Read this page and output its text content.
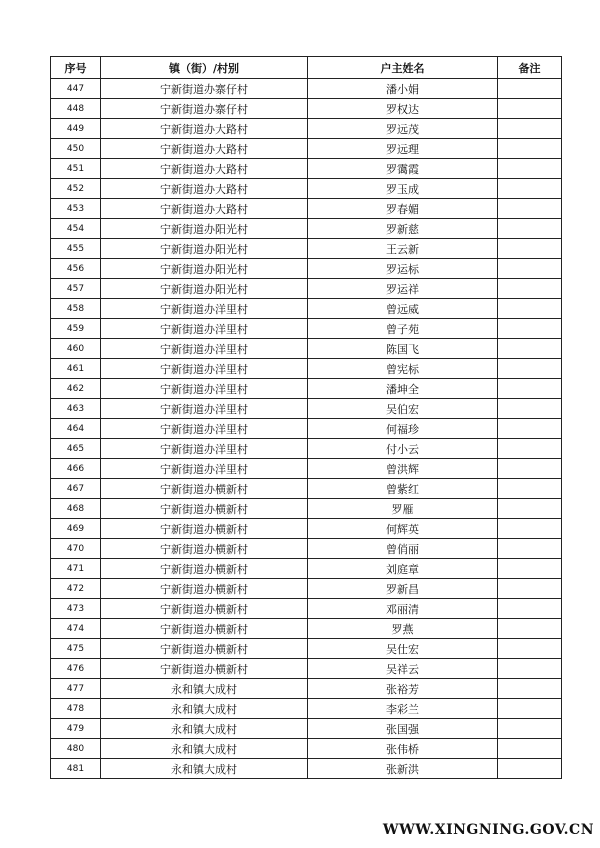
序号	镇（街）/村别	户主姓名	备注
447	宁新街道办寨仔村	潘小娟	
448	宁新街道办寨仔村	罗权达	
449	宁新街道办大路村	罗远茂	
450	宁新街道办大路村	罗远理	
451	宁新街道办大路村	罗霭霞	
452	宁新街道办大路村	罗玉成	
453	宁新街道办大路村	罗春媚	
454	宁新街道办阳光村	罗新慈	
455	宁新街道办阳光村	王云新	
456	宁新街道办阳光村	罗运标	
457	宁新街道办阳光村	罗运祥	
458	宁新街道办洋里村	曾远威	
459	宁新街道办洋里村	曾子苑	
460	宁新街道办洋里村	陈国飞	
461	宁新街道办洋里村	曾宪标	
462	宁新街道办洋里村	潘坤全	
463	宁新街道办洋里村	吴伯宏	
464	宁新街道办洋里村	何福珍	
465	宁新街道办洋里村	付小云	
466	宁新街道办洋里村	曾洪辉	
467	宁新街道办横新村	曾紫红	
468	宁新街道办横新村	罗雁	
469	宁新街道办横新村	何辉英	
470	宁新街道办横新村	曾俏丽	
471	宁新街道办横新村	刘庭章	
472	宁新街道办横新村	罗新昌	
473	宁新街道办横新村	邓丽清	
474	宁新街道办横新村	罗燕	
475	宁新街道办横新村	吴仕宏	
476	宁新街道办横新村	吴祥云	
477	永和镇大成村	张裕芳	
478	永和镇大成村	李彩兰	
479	永和镇大成村	张国强	
480	永和镇大成村	张伟桥	
481	永和镇大成村	张新洪	
WWW.XINGNING.GOV.CN
